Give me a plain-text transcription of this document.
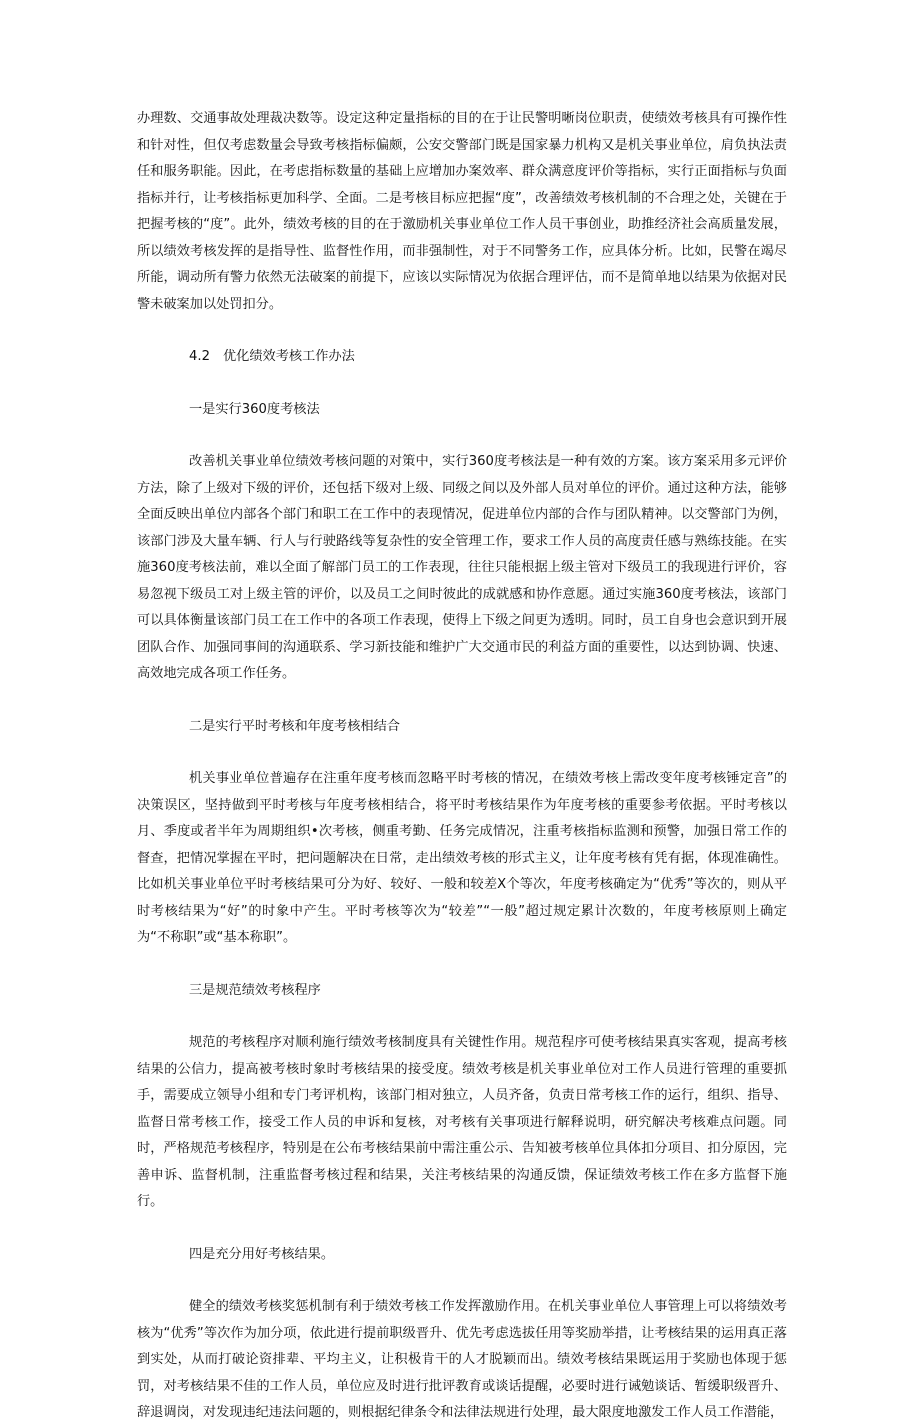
办理数、交通事故处理裁决数等。设定这种定量指标的目的在于让民警明晰岗位职责，使绩效考核具有可操作性和针对性，但仅考虑数量会导致考核指标偏颇，公安交警部门既是国家暴力机构又是机关事业单位，肩负执法责任和服务职能。因此，在考虑指标数量的基础上应增加办案效率、群众满意度评价等指标，实行正面指标与负面指标并行，让考核指标更加科学、全面。二是考核目标应把握“度”，改善绩效考核机制的不合理之处，关键在于把握考核的“度”。此外，绩效考核的目的在于激励机关事业单位工作人员干事创业，助推经济社会高质量发展，所以绩效考核发挥的是指导性、监督性作用，而非强制性，对于不同警务工作，应具体分析。比如，民警在竭尽所能，调动所有警力依然无法破案的前提下，应该以实际情况为依据合理评估，而不是简单地以结果为依据对民警未破案加以处罚扣分。

4.2 优化绩效考核工作办法
一是实行360度考核法

改善机关事业单位绩效考核问题的对策中，实行360度考核法是一种有效的方案。该方案采用多元评价方法，除了上级对下级的评价，还包括下级对上级、同级之间以及外部人员对单位的评价。通过这种方法，能够全面反映出单位内部各个部门和职工在工作中的表现情况，促进单位内部的合作与团队精神。以交警部门为例，该部门涉及大量车辆、行人与行驶路线等复杂性的安全管理工作，要求工作人员的高度责任感与熟练技能。在实施360度考核法前，难以全面了解部门员工的工作表现，往往只能根据上级主管对下级员工的我现进行评价，容易忽视下级员工对上级主管的评价，以及员工之间时彼此的成就感和协作意愿。通过实施360度考核法，该部门可以具体衡量该部门员工在工作中的各项工作表现，使得上下级之间更为透明。同时，员工自身也会意识到开展团队合作、加强同事间的沟通联系、学习新技能和维护广大交通市民的利益方面的重要性，以达到协调、快速、高效地完成各项工作任务。

二是实行平时考核和年度考核相结合

机关事业单位普遍存在注重年度考核而忽略平时考核的情况，在绩效考核上需改变年度考核锤定音”的决策误区，坚持做到平时考核与年度考核相结合，将平时考核结果作为年度考核的重要参考依据。平时考核以月、季度或者半年为周期组织•次考核，侧重考勤、任务完成情况，注重考核指标监测和预警，加强日常工作的督查，把情况掌握在平时，把问题解决在日常，走出绩效考核的形式主义，让年度考核有凭有据，体现准确性。比如机关事业单位平时考核结果可分为好、较好、一般和较差X个等次，年度考核确定为“优秀”等次的，则从平时考核结果为“好”的时象中产生。平时考核等次为“较差”“一般”超过规定累计次数的，年度考核原则上确定为“不称职”或“基本称职”。

三是规范绩效考核程序

规范的考核程序对顺利施行绩效考核制度具有关键性作用。规范程序可使考核结果真实客观，提高考核结果的公信力，提高被考核时象时考核结果的接受度。绩效考核是机关事业单位对工作人员进行管理的重要抓手，需要成立领导小组和专门考评机构，该部门相对独立，人员齐备，负责日常考核工作的运行，组织、指导、监督日常考核工作，接受工作人员的申诉和复核，对考核有关事项进行解释说明，研究解决考核难点问题。同时，严格规范考核程序，特别是在公布考核结果前中需注重公示、告知被考核单位具体扣分项目、扣分原因，完善申诉、监督机制，注重监督考核过程和结果，关注考核结果的沟通反馈，保证绩效考核工作在多方监督下施行。

四是充分用好考核结果。

健全的绩效考核奖惩机制有利于绩效考核工作发挥激励作用。在机关事业单位人事管理上可以将绩效考核为“优秀”等次作为加分项，依此进行提前职级晋升、优先考虑选拔任用等奖励举措，让考核结果的运用真正落到实处，从而打破论资排辈、平均主义，让积极肯干的人才脱颖而出。绩效考核结果既运用于奖励也体现于惩罚，对考核结果不佳的工作人员，单位应及时进行批评教育或谈话提醒，必要时进行诫勉谈话、暂缓职级晋升、辞退调岗，对发现违纪违法问题的，则根据纪律条令和法律法规进行处理，最大限度地激发工作人员工作潜能，
